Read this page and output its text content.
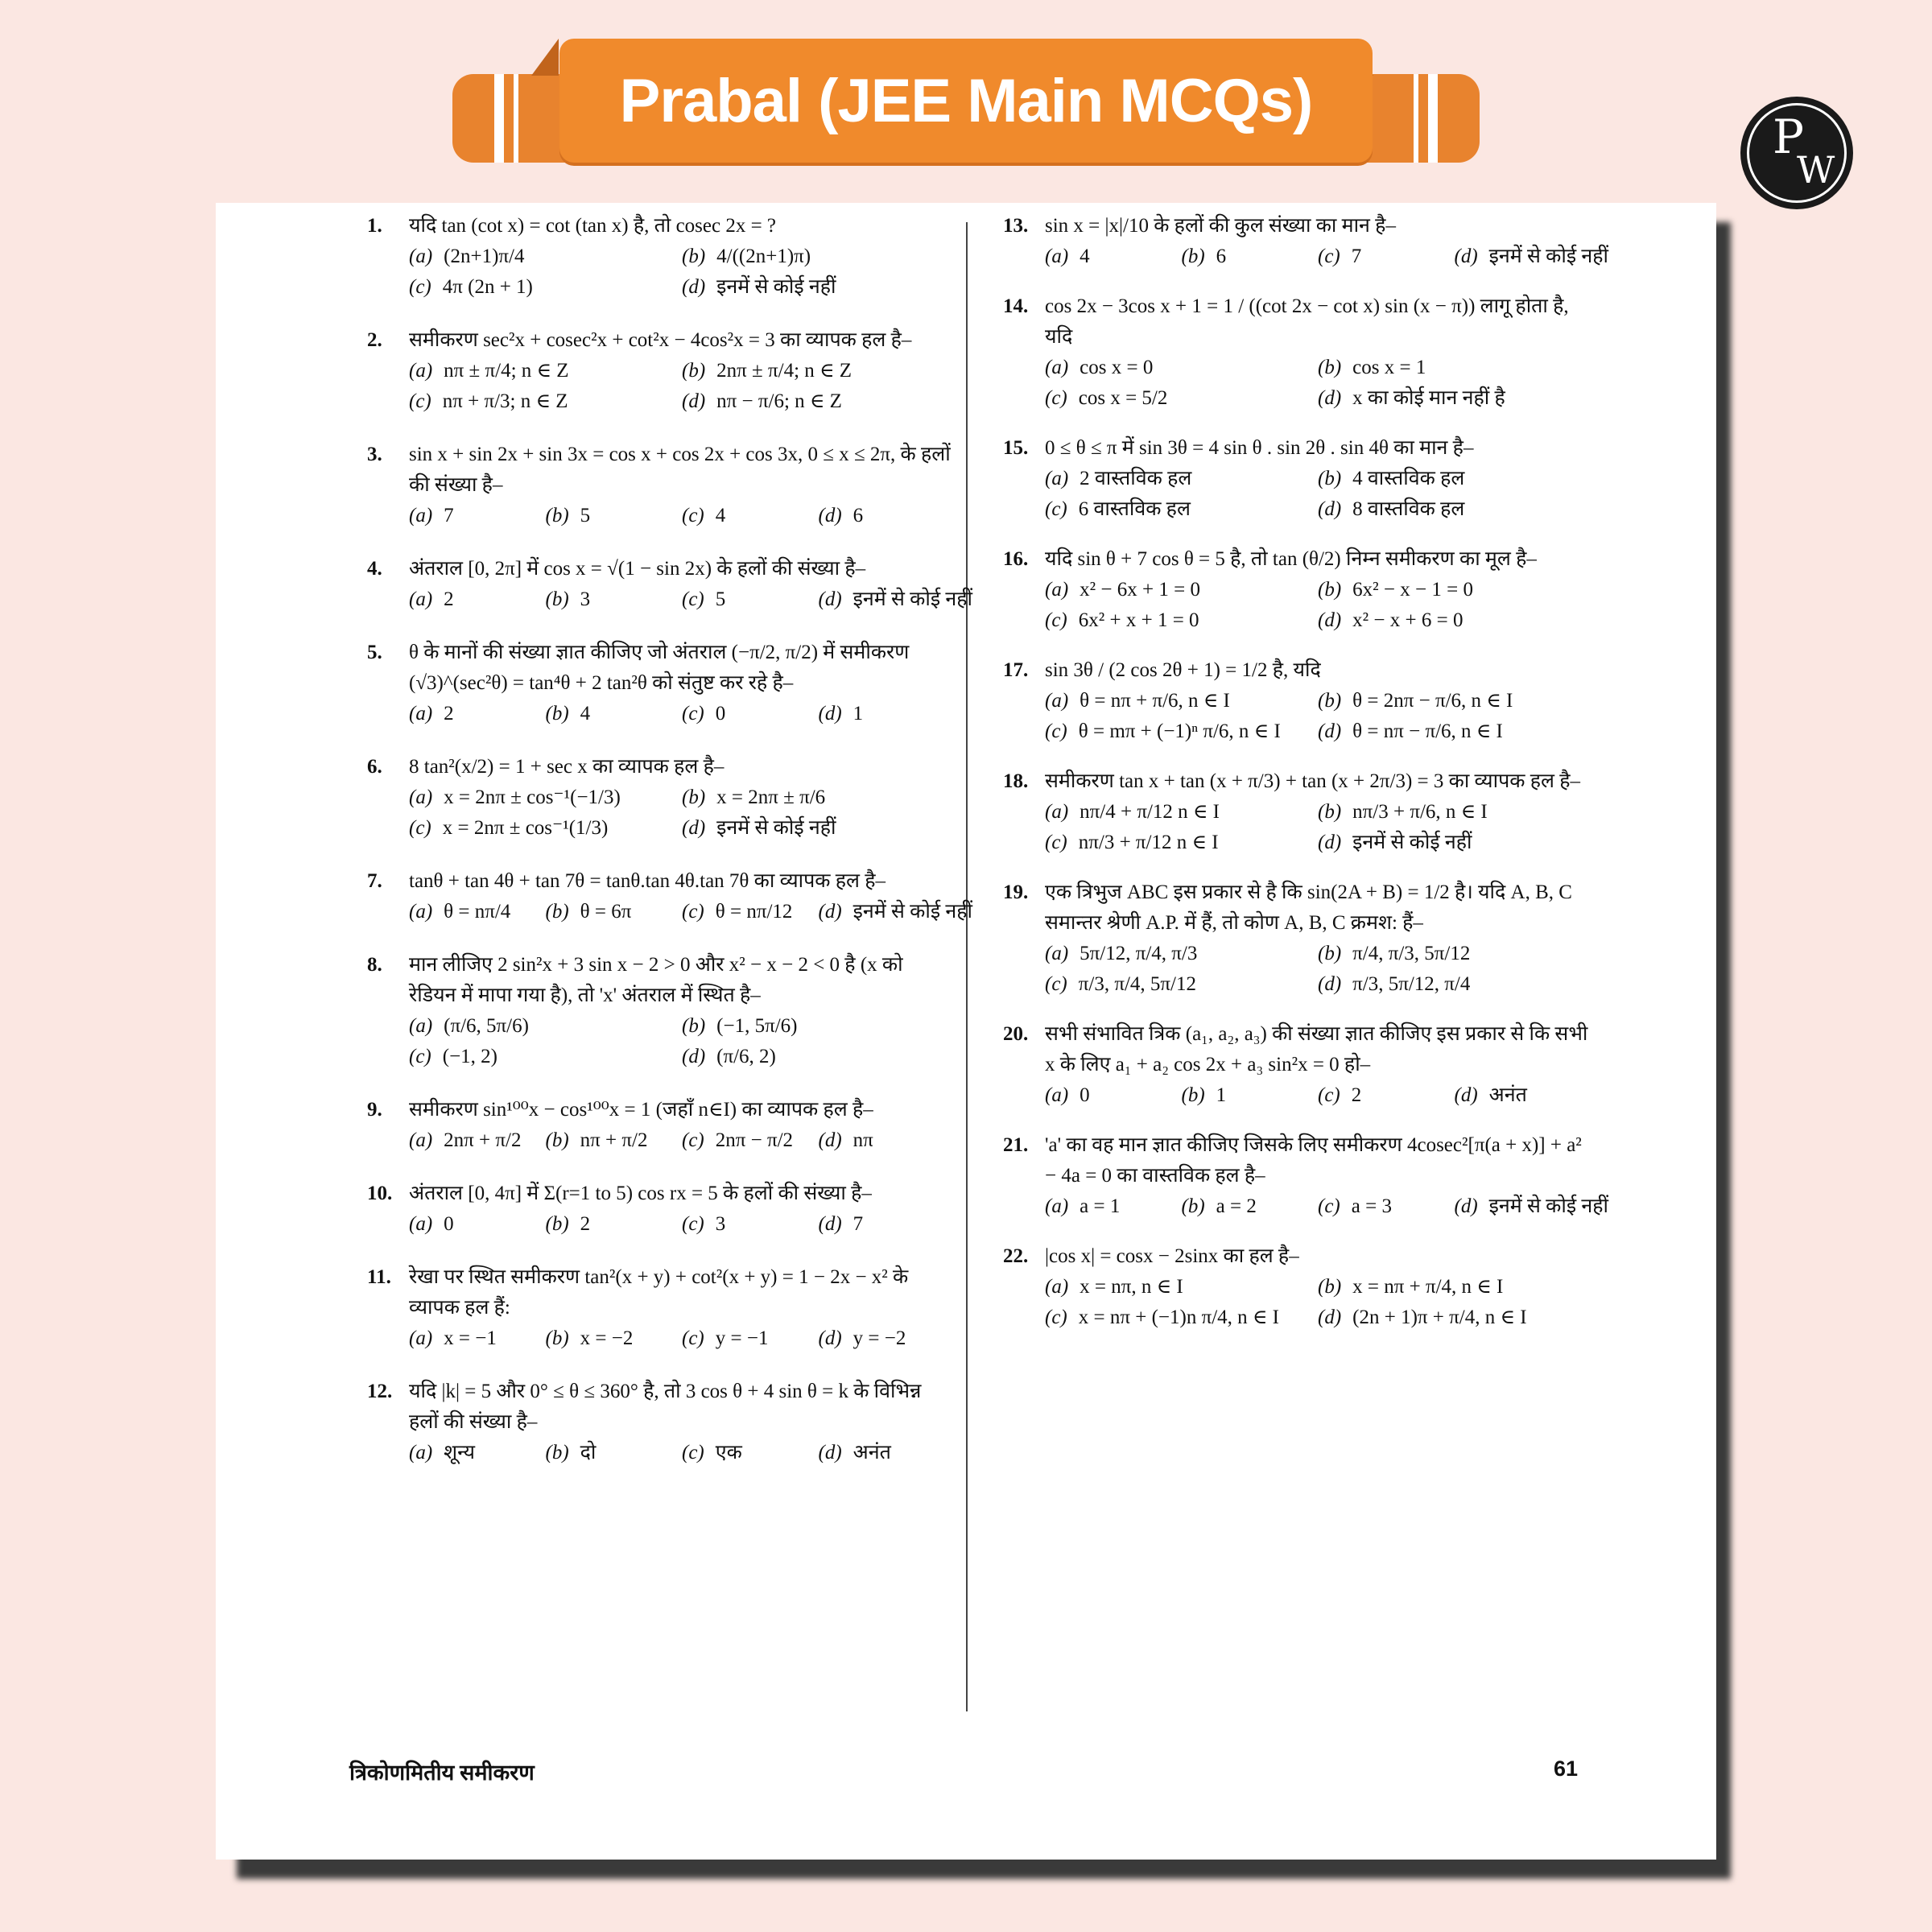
Prabal (JEE Main MCQs)
P
W
1.	यदि tan (cot x) = cot (tan x) है, तो cosec 2x = ?
(a) (2n+1)π/4	(b) 4/((2n+1)π)
(c) 4π (2n + 1)	(d) इनमें से कोई नहीं
2.	समीकरण sec²x + cosec²x + cot²x − 4cos²x = 3 का व्यापक हल है–
(a) nπ ± π/4; n ∈ Z	(b) 2nπ ± π/4; n ∈ Z
(c) nπ + π/3; n ∈ Z	(d) nπ − π/6; n ∈ Z
3.	sin x + sin 2x + sin 3x = cos x + cos 2x + cos 3x, 0 ≤ x ≤ 2π, के हलों की संख्या है–
(a) 7	(b) 5	(c) 4	(d) 6
4.	अंतराल [0, 2π] में cos x = √(1 − sin 2x) के हलों की संख्या है–
(a) 2	(b) 3	(c) 5	(d) इनमें से कोई नहीं
5.	θ के मानों की संख्या ज्ञात कीजिए जो अंतराल (−π/2, π/2) में समीकरण (√3)^(sec²θ) = tan⁴θ + 2 tan²θ को संतुष्ट कर रहे है–
(a) 2	(b) 4	(c) 0	(d) 1
6.	8 tan²(x/2) = 1 + sec x का व्यापक हल है–
(a) x = 2nπ ± cos⁻¹(−1/3)	(b) x = 2nπ ± π/6
(c) x = 2nπ ± cos⁻¹(1/3)	(d) इनमें से कोई नहीं
7.	tanθ + tan 4θ + tan 7θ = tanθ.tan 4θ.tan 7θ का व्यापक हल है–
(a) θ = nπ/4	(b) θ = 6π	(c) θ = nπ/12	(d) इनमें से कोई नहीं
8.	मान लीजिए 2 sin²x + 3 sin x − 2 > 0 और x² − x − 2 < 0 है (x को रेडियन में मापा गया है), तो 'x' अंतराल में स्थित है–
(a) (π/6, 5π/6)	(b) (−1, 5π/6)
(c) (−1, 2)	(d) (π/6, 2)
9.	समीकरण sin¹⁰⁰x − cos¹⁰⁰x = 1 (जहाँ n∈I) का व्यापक हल है–
(a) 2nπ + π/2	(b) nπ + π/2	(c) 2nπ − π/2	(d) nπ
10. अंतराल [0, 4π] में Σ(r=1 to 5) cos rx = 5 के हलों की संख्या है–
(a) 0	(b) 2	(c) 3	(d) 7
11. रेखा पर स्थित समीकरण tan²(x + y) + cot²(x + y) = 1 − 2x − x² के व्यापक हल हैं:
(a) x = −1	(b) x = −2	(c) y = −1	(d) y = −2
12. यदि |k| = 5 और 0° ≤ θ ≤ 360° है, तो 3 cos θ + 4 sin θ = k के विभिन्न हलों की संख्या है–
(a) शून्य	(b) दो	(c) एक	(d) अनंत
13. sin x = |x|/10 के हलों की कुल संख्या का मान है–
(a) 4	(b) 6	(c) 7	(d) इनमें से कोई नहीं
14. cos 2x − 3cos x + 1 = 1 / ((cot 2x − cot x) sin (x − π)) लागू होता है, यदि
(a) cos x = 0	(b) cos x = 1
(c) cos x = 5/2	(d) x का कोई मान नहीं है
15. 0 ≤ θ ≤ π में sin 3θ = 4 sin θ . sin 2θ . sin 4θ का मान है–
(a) 2 वास्तविक हल	(b) 4 वास्तविक हल
(c) 6 वास्तविक हल	(d) 8 वास्तविक हल
16. यदि sin θ + 7 cos θ = 5 है, तो tan (θ/2) निम्न समीकरण का मूल है–
(a) x² − 6x + 1 = 0	(b) 6x² − x − 1 = 0
(c) 6x² + x + 1 = 0	(d) x² − x + 6 = 0
17. sin 3θ / (2 cos 2θ + 1) = 1/2 है, यदि
(a) θ = nπ + π/6, n ∈ I	(b) θ = 2nπ − π/6, n ∈ I
(c) θ = mπ + (−1)ⁿ π/6, n ∈ I	(d) θ = nπ − π/6, n ∈ I
18. समीकरण tan x + tan (x + π/3) + tan (x + 2π/3) = 3 का व्यापक हल है–
(a) nπ/4 + π/12 n ∈ I	(b) nπ/3 + π/6, n ∈ I
(c) nπ/3 + π/12 n ∈ I	(d) इनमें से कोई नहीं
19. एक त्रिभुज ABC इस प्रकार से है कि sin(2A + B) = 1/2 है। यदि A, B, C समान्तर श्रेणी A.P. में हैं, तो कोण A, B, C क्रमश: हैं–
(a) 5π/12, π/4, π/3	(b) π/4, π/3, 5π/12
(c) π/3, π/4, 5π/12	(d) π/3, 5π/12, π/4
20. सभी संभावित त्रिक (a₁, a₂, a₃) की संख्या ज्ञात कीजिए इस प्रकार से कि सभी x के लिए a₁ + a₂ cos 2x + a₃ sin²x = 0 हो–
(a) 0	(b) 1	(c) 2	(d) अनंत
21. 'a' का वह मान ज्ञात कीजिए जिसके लिए समीकरण 4cosec²[π(a + x)] + a² − 4a = 0 का वास्तविक हल है–
(a) a = 1	(b) a = 2	(c) a = 3	(d) इनमें से कोई नहीं
22. |cos x| = cosx − 2sinx का हल है–
(a) x = nπ, n ∈ I	(b) x = nπ + π/4, n ∈ I
(c) x = nπ + (−1)n π/4, n ∈ I	(d) (2n + 1)π + π/4, n ∈ I
त्रिकोणमितीय समीकरण	61
